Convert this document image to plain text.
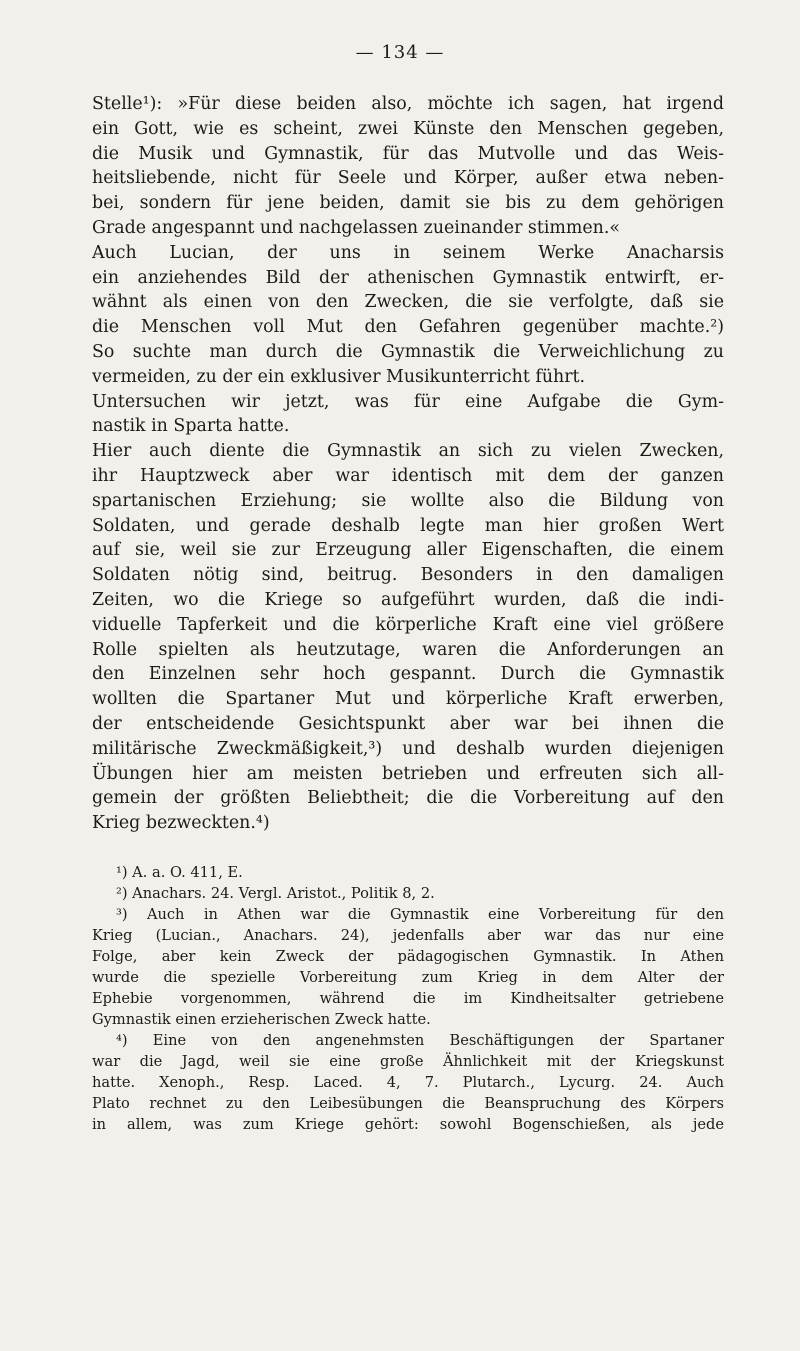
— 134 —
Stelle¹): »Für diese beiden also, möchte ich sagen, hat irgend
ein Gott, wie es scheint, zwei Künste den Menschen gegeben,
die Musik und Gymnastik, für das Mutvolle und das Weis-
heitsliebende, nicht für Seele und Körper, außer etwa neben-
bei, sondern für jene beiden, damit sie bis zu dem gehörigen
Grade angespannt und nachgelassen zueinander stimmen.«
Auch Lucian, der uns in seinem Werke Anacharsis
ein anziehendes Bild der athenischen Gymnastik entwirft, er-
wähnt als einen von den Zwecken, die sie verfolgte, daß sie
die Menschen voll Mut den Gefahren gegenüber machte.²)
So suchte man durch die Gymnastik die Verweichlichung zu
vermeiden, zu der ein exklusiver Musikunterricht führt.
Untersuchen wir jetzt, was für eine Aufgabe die Gym-
nastik in Sparta hatte.
Hier auch diente die Gymnastik an sich zu vielen Zwecken,
ihr Hauptzweck aber war identisch mit dem der ganzen
spartanischen Erziehung; sie wollte also die Bildung von
Soldaten, und gerade deshalb legte man hier großen Wert
auf sie, weil sie zur Erzeugung aller Eigenschaften, die einem
Soldaten nötig sind, beitrug. Besonders in den damaligen
Zeiten, wo die Kriege so aufgeführt wurden, daß die indi-
viduelle Tapferkeit und die körperliche Kraft eine viel größere
Rolle spielten als heutzutage, waren die Anforderungen an
den Einzelnen sehr hoch gespannt. Durch die Gymnastik
wollten die Spartaner Mut und körperliche Kraft erwerben,
der entscheidende Gesichtspunkt aber war bei ihnen die
militärische Zweckmäßigkeit,³) und deshalb wurden diejenigen
Übungen hier am meisten betrieben und erfreuten sich all-
gemein der größten Beliebtheit; die die Vorbereitung auf den
Krieg bezweckten.⁴)
¹) A. a. O. 411, E.
²) Anachars. 24. Vergl. Aristot., Politik 8, 2.
³) Auch in Athen war die Gymnastik eine Vorbereitung für den
Krieg (Lucian., Anachars. 24), jedenfalls aber war das nur eine
Folge, aber kein Zweck der pädagogischen Gymnastik. In Athen
wurde die spezielle Vorbereitung zum Krieg in dem Alter der
Ephebie vorgenommen, während die im Kindheitsalter getriebene
Gymnastik einen erzieherischen Zweck hatte.
⁴) Eine von den angenehmsten Beschäftigungen der Spartaner
war die Jagd, weil sie eine große Ähnlichkeit mit der Kriegskunst
hatte. Xenoph., Resp. Laced. 4, 7. Plutarch., Lycurg. 24. Auch
Plato rechnet zu den Leibesübungen die Beanspruchung des Körpers
in allem, was zum Kriege gehört: sowohl Bogenschießen, als jede
